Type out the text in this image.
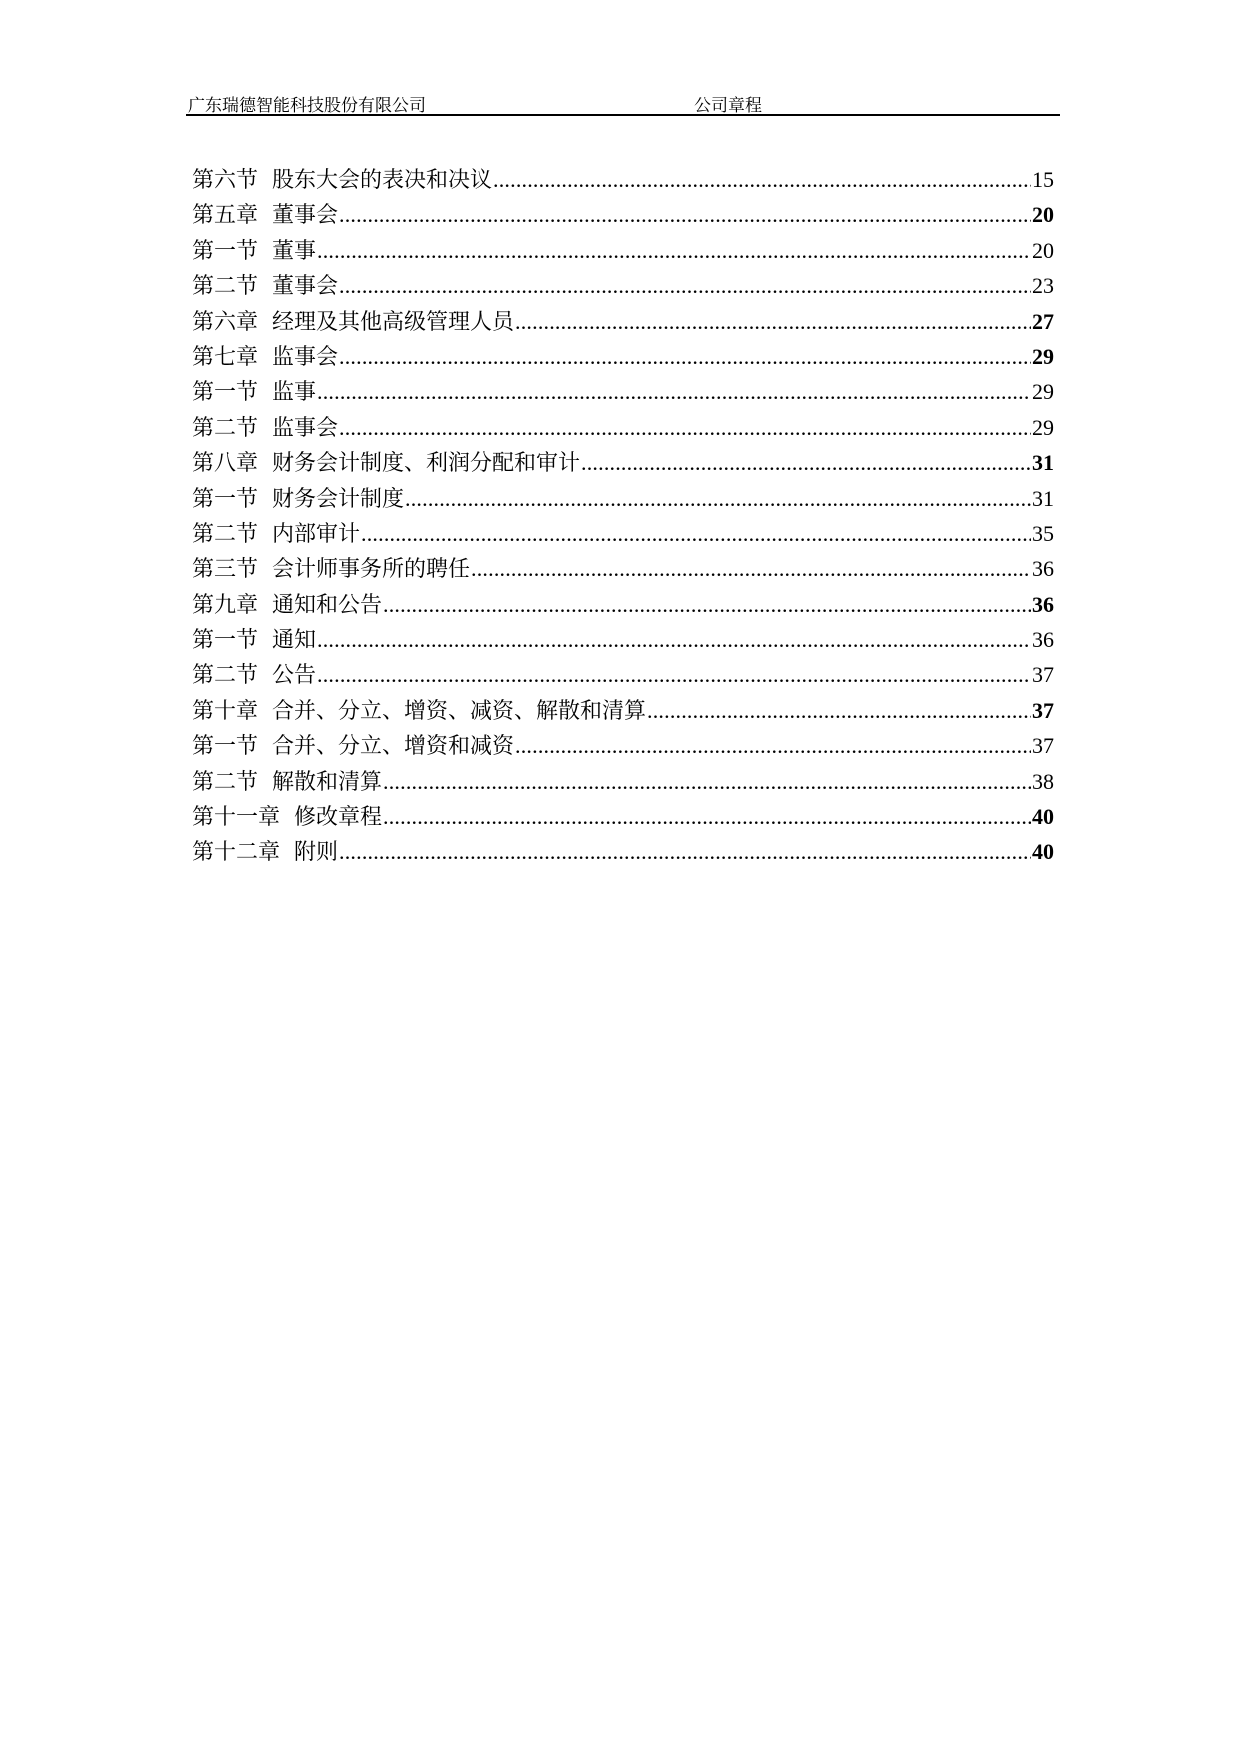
广东瑞德智能科技股份有限公司	公司章程
第六节 股东大会的表决和决议 .....	15
第五章 董事会 .....	20
第一节 董事 .....	20
第二节 董事会 .....	23
第六章 经理及其他高级管理人员 .....	27
第七章 监事会 .....	29
第一节 监事 .....	29
第二节 监事会 .....	29
第八章 财务会计制度、利润分配和审计 .....	31
第一节 财务会计制度 .....	31
第二节 内部审计 .....	35
第三节 会计师事务所的聘任 .....	36
第九章 通知和公告 .....	36
第一节 通知 .....	36
第二节 公告 .....	37
第十章 合并、分立、增资、减资、解散和清算 .....	37
第一节 合并、分立、增资和减资 .....	37
第二节 解散和清算 .....	38
第十一章 修改章程 .....	40
第十二章 附则 .....	40
